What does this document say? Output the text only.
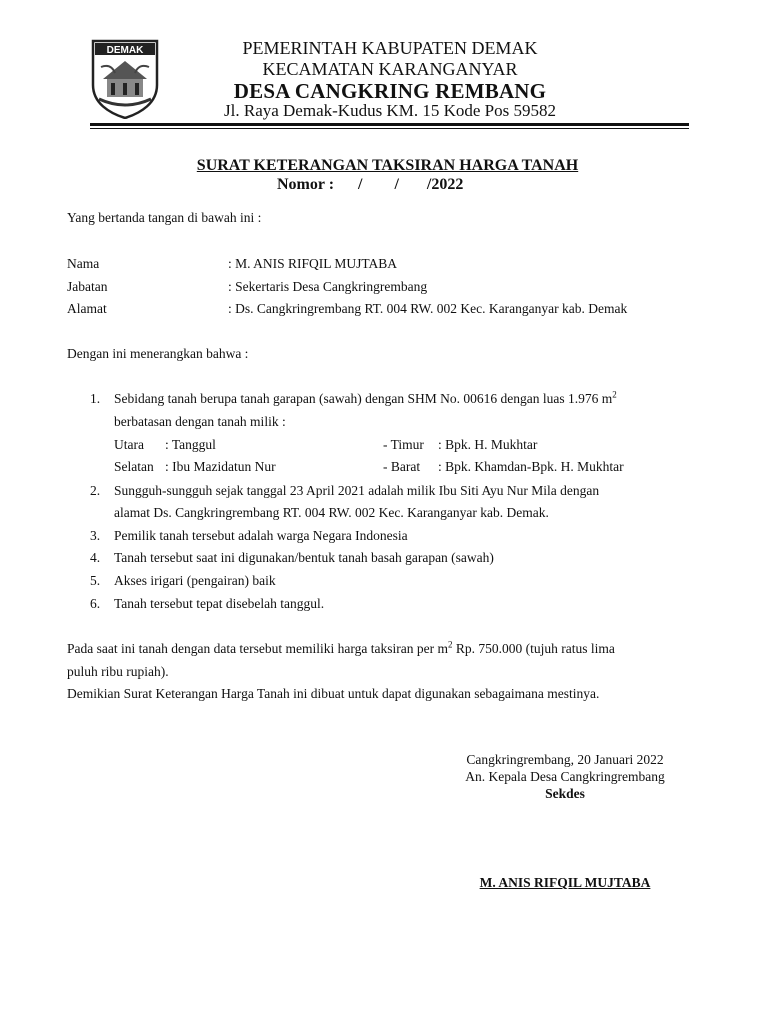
DEMAK	PEMERINTAH KABUPATEN DEMAK
KECAMATAN KARANGANYAR
DESA CANGKRING REMBANG
Jl. Raya Demak-Kudus KM. 15 Kode Pos 59582
SURAT KETERANGAN TAKSIRAN HARGA TANAH
Nomor :      /        /       /2022
Yang bertanda tangan di bawah ini :
Nama	: M. ANIS RIFQIL MUJTABA
Jabatan	: Sekertaris Desa Cangkringrembang
Alamat	: Ds. Cangkringrembang RT. 004 RW. 002 Kec. Karanganyar kab. Demak
Dengan ini menerangkan bahwa :
1. Sebidang tanah berupa tanah garapan (sawah) dengan SHM No. 00616 dengan luas 1.976 $m^2$
berbatasan dengan tanah milik :
Utara : Tanggul	- Timur : Bpk. H. Mukhtar
Selatan : Ibu Mazidatun Nur	- Barat : Bpk. Khamdan-Bpk. H. Mukhtar
2. Sungguh-sungguh sejak tanggal 23 April 2021 adalah milik Ibu Siti Ayu Nur Mila dengan
alamat Ds. Cangkringrembang RT. 004 RW. 002 Kec. Karanganyar kab. Demak.
3. Pemilik tanah tersebut adalah warga Negara Indonesia
4. Tanah tersebut saat ini digunakan/bentuk tanah basah garapan (sawah)
5. Akses irigari (pengairan) baik
6. Tanah tersebut tepat disebelah tanggul.
Pada saat ini tanah dengan data tersebut memiliki harga taksiran per $m^2$ Rp. 750.000 (tujuh ratus lima
puluh ribu rupiah).
Demikian Surat Keterangan Harga Tanah ini dibuat untuk dapat digunakan sebagaimana mestinya.
Cangkringrembang, 20 Januari 2022
An. Kepala Desa Cangkringrembang
Sekdes
M. ANIS RIFQIL MUJTABA
